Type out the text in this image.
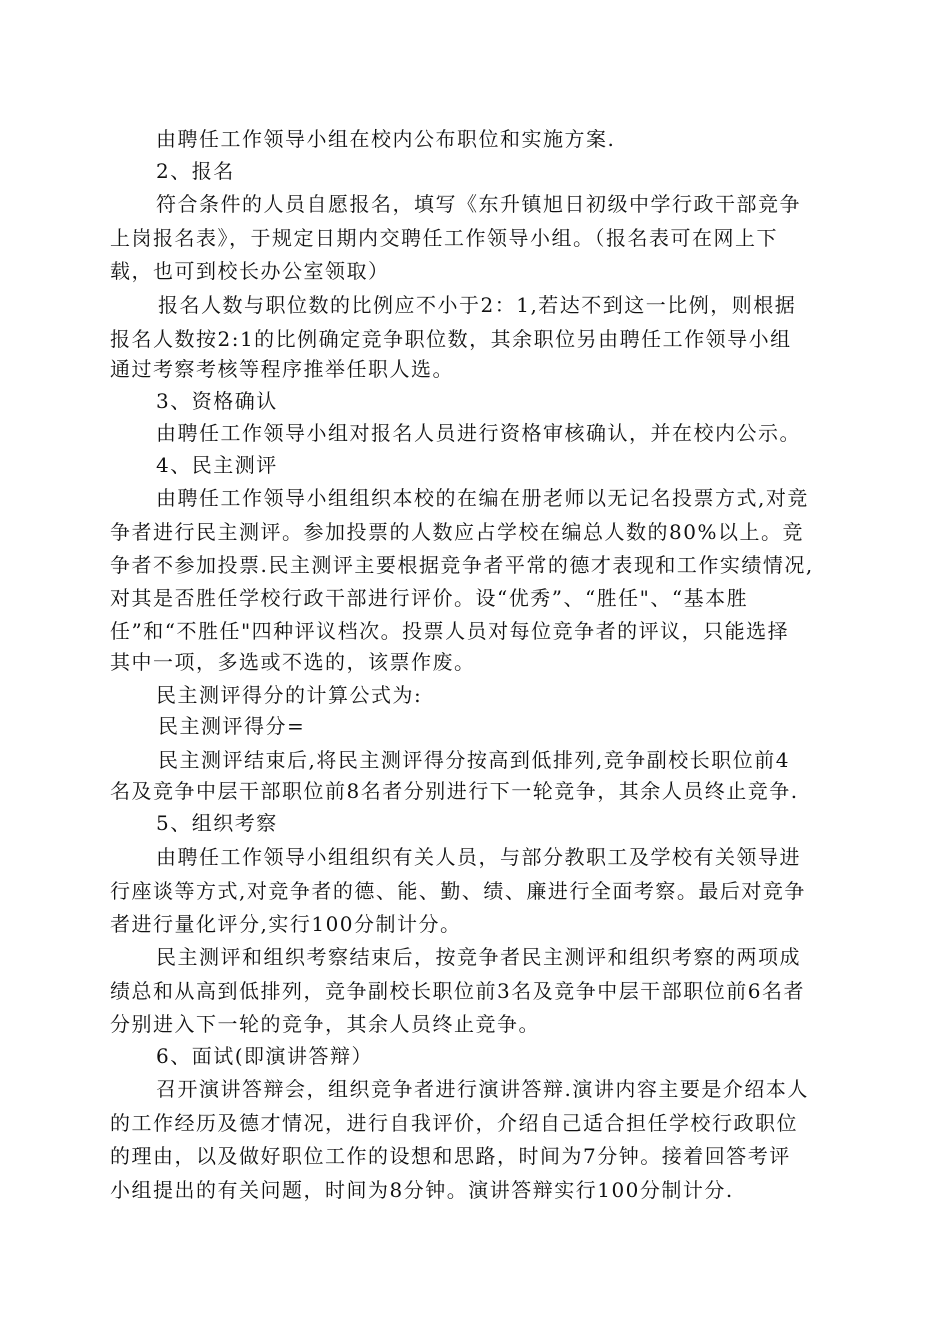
由聘任工作领导小组在校内公布职位和实施方案.
2、报名
符合条件的人员自愿报名，填写《东升镇旭日初级中学行政干部竞争
上岗报名表》，于规定日期内交聘任工作领导小组。（报名表可在网上下
载，也可到校长办公室领取）
报名人数与职位数的比例应不小于2：1,若达不到这一比例，则根据
报名人数按2:1的比例确定竞争职位数，其余职位另由聘任工作领导小组
通过考察考核等程序推举任职人选。
3、资格确认
由聘任工作领导小组对报名人员进行资格审核确认，并在校内公示。
4、民主测评
由聘任工作领导小组组织本校的在编在册老师以无记名投票方式,对竞
争者进行民主测评。参加投票的人数应占学校在编总人数的80%以上。竞
争者不参加投票.民主测评主要根据竞争者平常的德才表现和工作实绩情况,
对其是否胜任学校行政干部进行评价。设“优秀”、“胜任"、“基本胜
任”和“不胜任"四种评议档次。投票人员对每位竞争者的评议，只能选择
其中一项，多选或不选的，该票作废。
民主测评得分的计算公式为:
民主测评得分=
民主测评结束后,将民主测评得分按高到低排列,竞争副校长职位前4
名及竞争中层干部职位前8名者分别进行下一轮竞争，其余人员终止竞争.
5、组织考察
由聘任工作领导小组组织有关人员，与部分教职工及学校有关领导进
行座谈等方式,对竞争者的德、能、勤、绩、廉进行全面考察。最后对竞争
者进行量化评分,实行100分制计分。
民主测评和组织考察结束后，按竞争者民主测评和组织考察的两项成
绩总和从高到低排列，竞争副校长职位前3名及竞争中层干部职位前6名者
分别进入下一轮的竞争，其余人员终止竞争。
6、面试(即演讲答辩）
召开演讲答辩会，组织竞争者进行演讲答辩.演讲内容主要是介绍本人
的工作经历及德才情况，进行自我评价，介绍自己适合担任学校行政职位
的理由，以及做好职位工作的设想和思路，时间为7分钟。接着回答考评
小组提出的有关问题，时间为8分钟。演讲答辩实行100分制计分.
